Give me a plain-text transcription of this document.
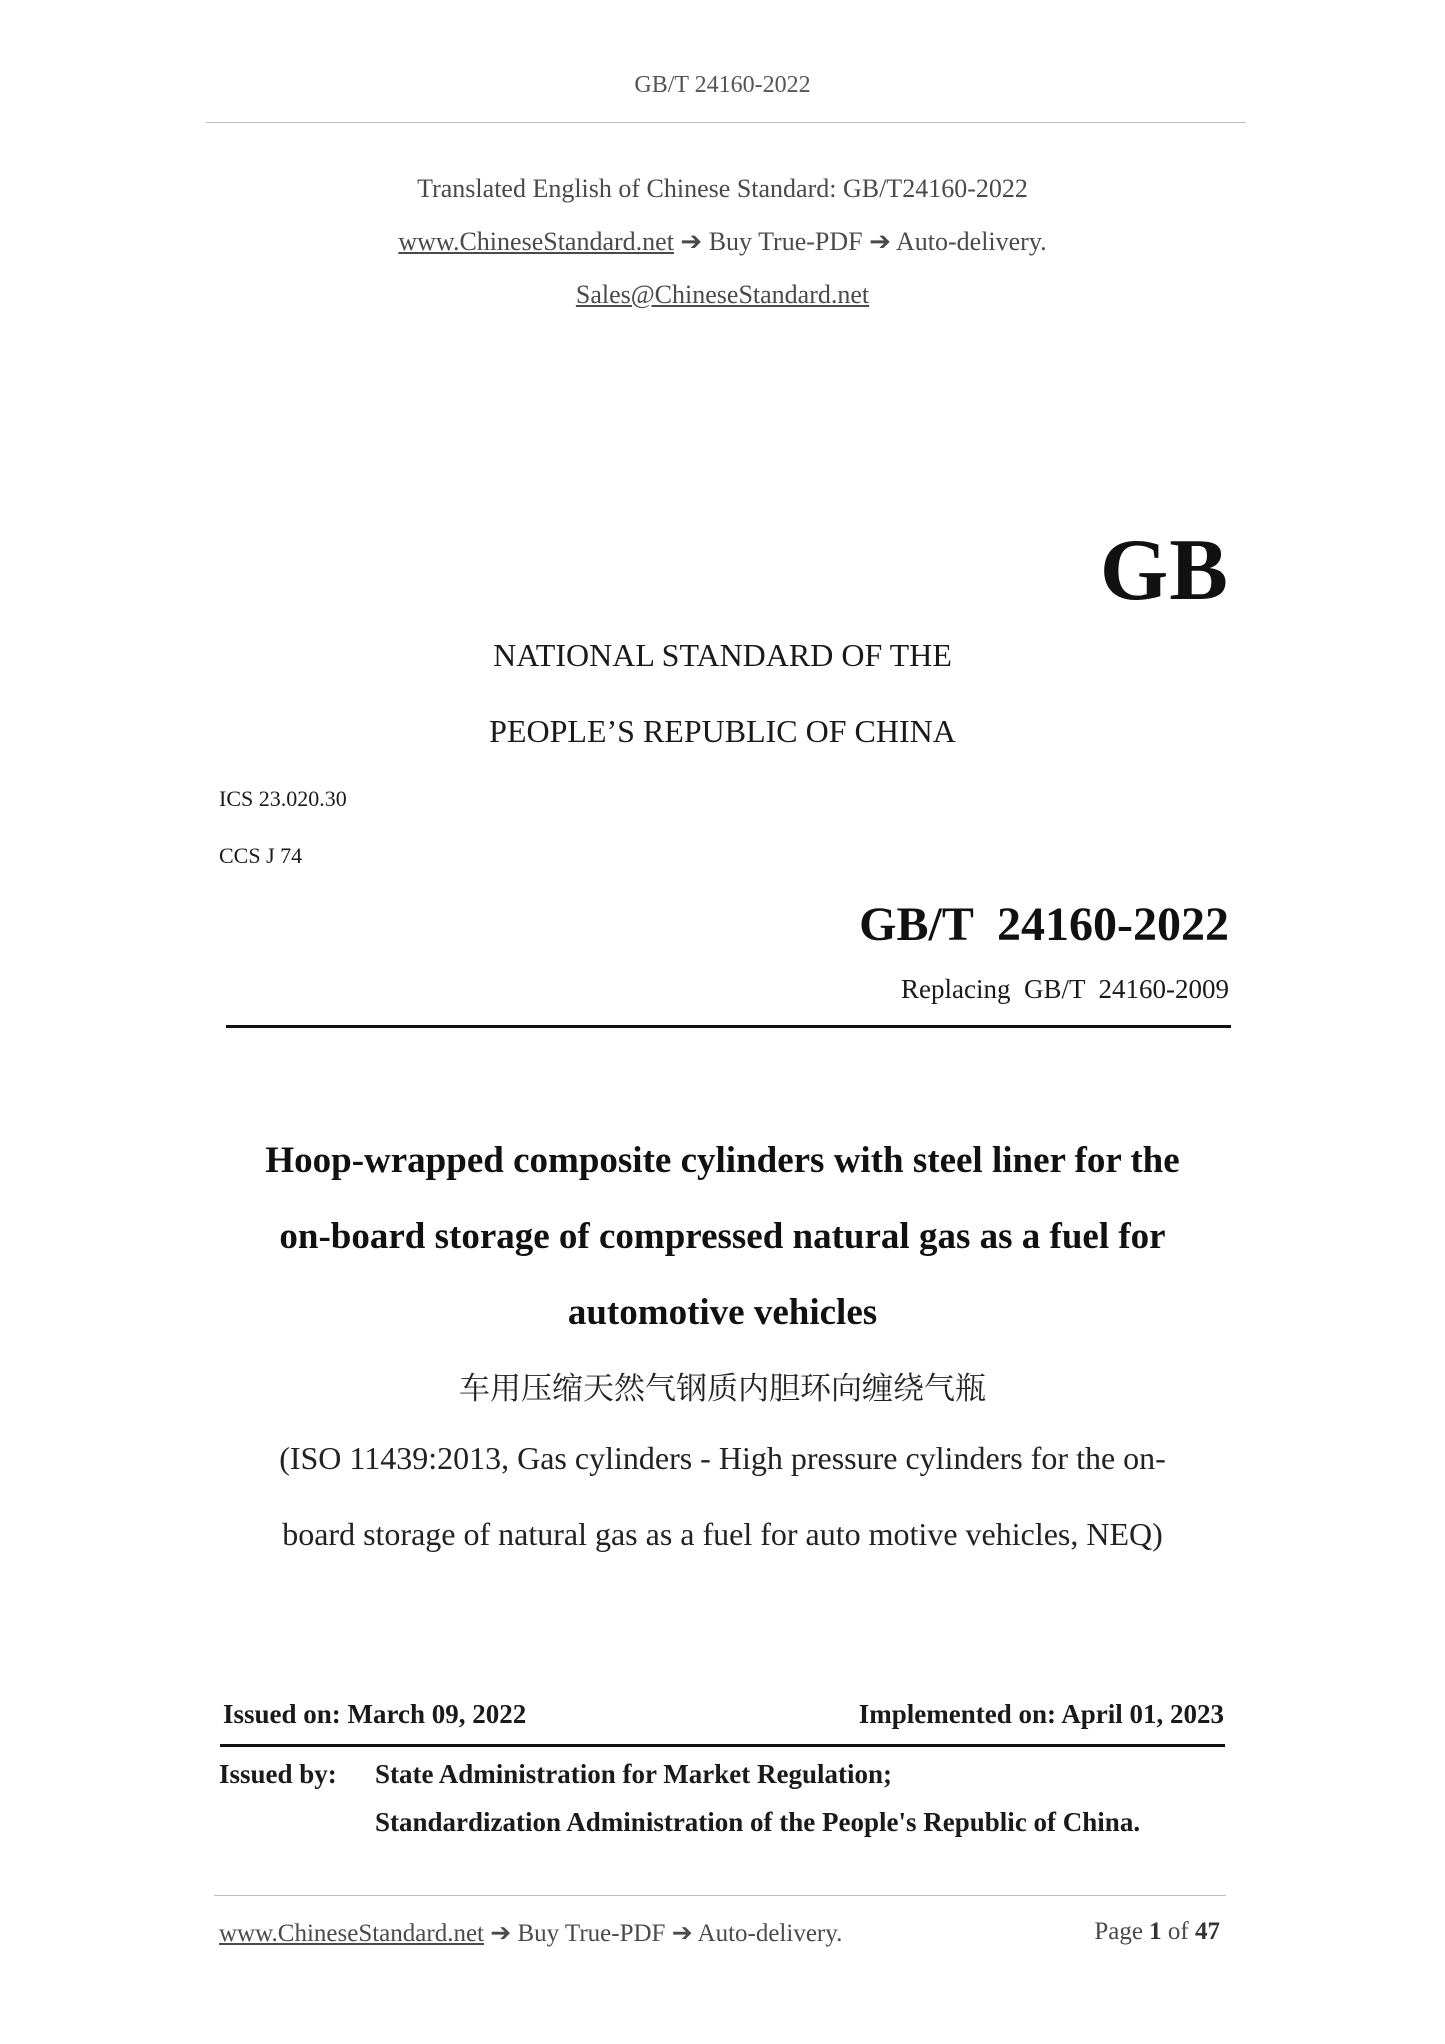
GB/T 24160-2022
Translated English of Chinese Standard: GB/T24160-2022
www.ChineseStandard.net ➔ Buy True-PDF ➔ Auto-delivery.
Sales@ChineseStandard.net
GB
NATIONAL STANDARD OF THE
PEOPLE’S REPUBLIC OF CHINA
ICS 23.020.30
CCS J 74
GB/T  24160-2022
Replacing  GB/T  24160-2009
Hoop-wrapped composite cylinders with steel liner for the
on-board storage of compressed natural gas as a fuel for
automotive vehicles
车用压缩天然气钢质内胆环向缠绕气瓶
(ISO 11439:2013, Gas cylinders - High pressure cylinders for the on-
board storage of natural gas as a fuel for auto motive vehicles, NEQ)
Issued on: March 09, 2022	Implemented on: April 01, 2023
Issued by: State Administration for Market Regulation;
Standardization Administration of the People's Republic of China.
www.ChineseStandard.net ➔ Buy True-PDF ➔ Auto-delivery.	Page 1 of 47
